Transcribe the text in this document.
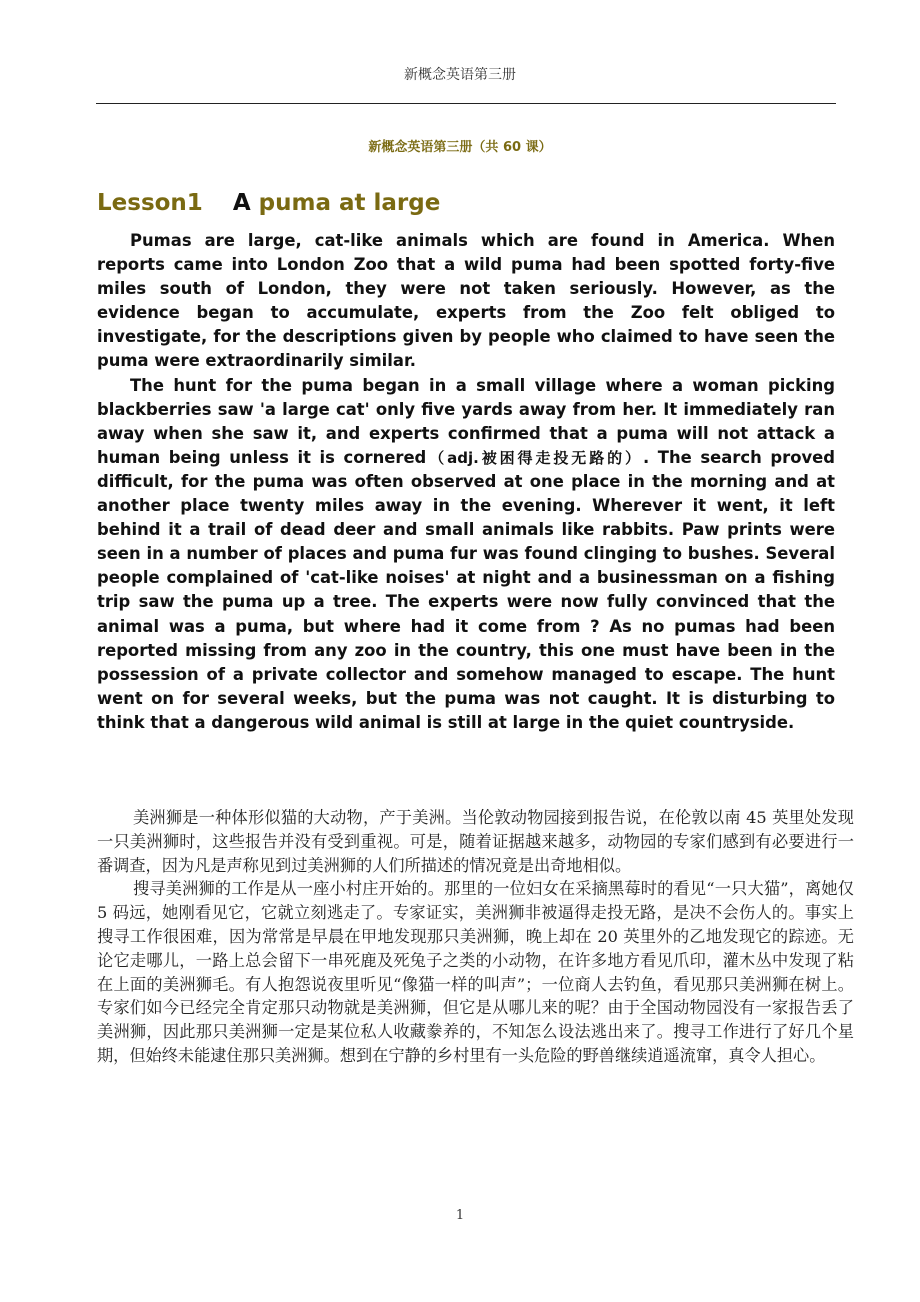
新概念英语第三册
新概念英语第三册（共 60 课）
Lesson1 A puma at large

Pumas are large, cat-like animals which are found in America. When reports came into London Zoo that a wild puma had been spotted forty-five miles south of London, they were not taken seriously. However, as the evidence began to accumulate, experts from the Zoo felt obliged to investigate, for the descriptions given by people who claimed to have seen the puma were extraordinarily similar.

The hunt for the puma began in a small village where a woman picking blackberries saw 'a large cat' only five yards away from her. It immediately ran away when she saw it, and experts confirmed that a puma will not attack a human being unless it is cornered（adj.被困得走投无路的）. The search proved difficult, for the puma was often observed at one place in the morning and at another place twenty miles away in the evening. Wherever it went, it left behind it a trail of dead deer and small animals like rabbits. Paw prints were seen in a number of places and puma fur was found clinging to bushes. Several people complained of 'cat-like noises' at night and a businessman on a fishing trip saw the puma up a tree. The experts were now fully convinced that the animal was a puma, but where had it come from ? As no pumas had been reported missing from any zoo in the country, this one must have been in the possession of a private collector and somehow managed to escape. The hunt went on for several weeks, but the puma was not caught. It is disturbing to think that a dangerous wild animal is still at large in the quiet countryside.

美洲狮是一种体形似猫的大动物，产于美洲。当伦敦动物园接到报告说，在伦敦以南 45 英里处发现一只美洲狮时，这些报告并没有受到重视。可是，随着证据越来越多，动物园的专家们感到有必要进行一番调查，因为凡是声称见到过美洲狮的人们所描述的情况竟是出奇地相似。

搜寻美洲狮的工作是从一座小村庄开始的。那里的一位妇女在采摘黑莓时的看见“一只大猫”，离她仅 5 码远，她刚看见它，它就立刻逃走了。专家证实，美洲狮非被逼得走投无路，是决不会伤人的。事实上搜寻工作很困难，因为常常是早晨在甲地发现那只美洲狮，晚上却在 20 英里外的乙地发现它的踪迹。无论它走哪儿，一路上总会留下一串死鹿及死兔子之类的小动物，在许多地方看见爪印，灌木丛中发现了粘在上面的美洲狮毛。有人抱怨说夜里听见“像猫一样的叫声”；一位商人去钓鱼，看见那只美洲狮在树上。专家们如今已经完全肯定那只动物就是美洲狮，但它是从哪儿来的呢？由于全国动物园没有一家报告丢了美洲狮，因此那只美洲狮一定是某位私人收藏豢养的，不知怎么设法逃出来了。搜寻工作进行了好几个星期，但始终未能逮住那只美洲狮。想到在宁静的乡村里有一头危险的野兽继续逍遥流窜，真令人担心。

1
